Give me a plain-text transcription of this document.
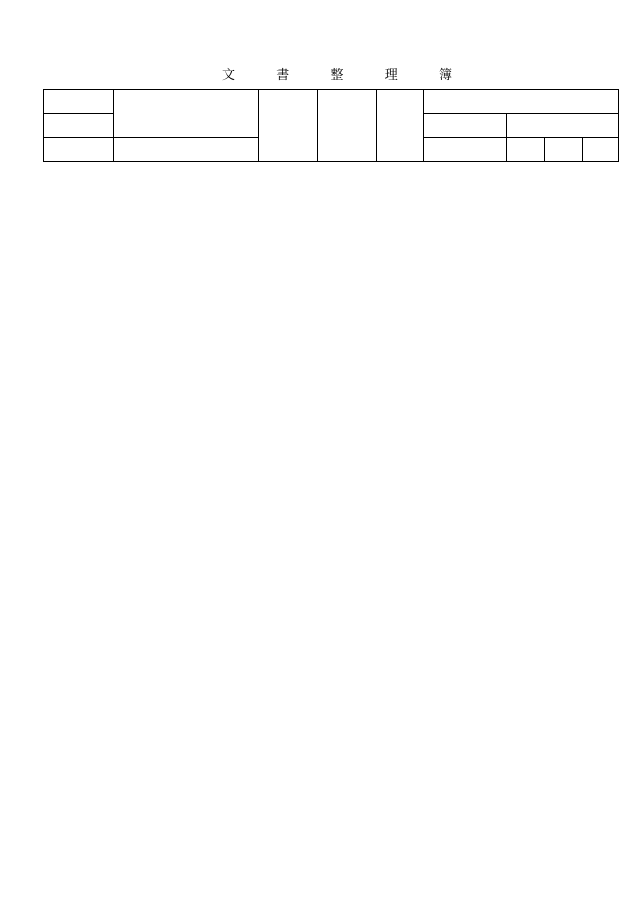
文	書	整	理	簿
